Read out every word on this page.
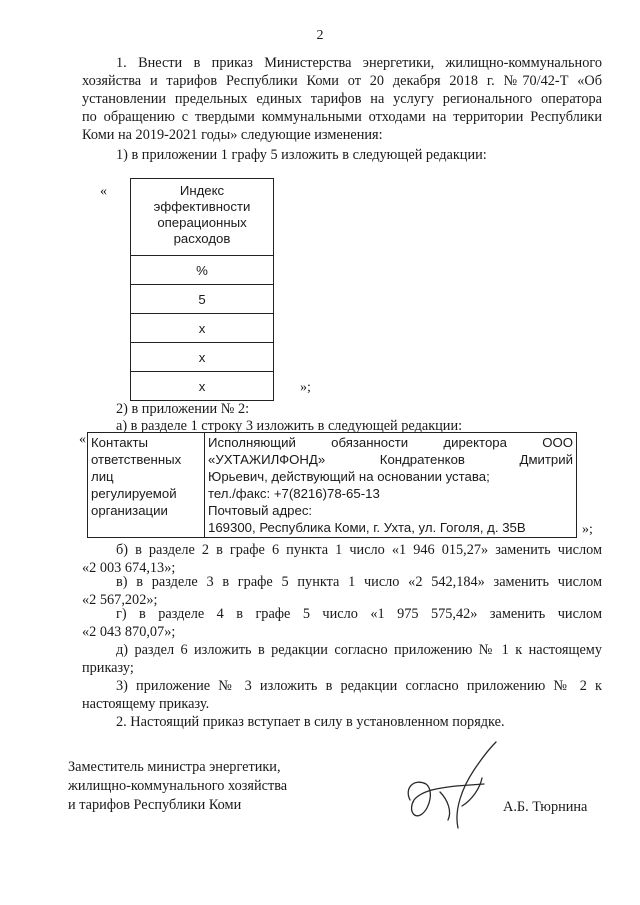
2

1. Внести в приказ Министерства энергетики, жилищно-коммунального

хозяйства и тарифов Республики Коми от 20 декабря 2018 г. №70/42-Т «Об

установлении предельных единых тарифов на услугу регионального оператора

по обращению с твердыми коммунальными отходами на территории Республики

Коми на 2019-2021 годы» следующие изменения:

1) в приложении 1 графу 5 изложить в следующей редакции:

«	Индекс
эффективности
операционных
расходов

%
5
х
х
х	»;

2) в приложении № 2:

а) в разделе 1 строку 3 изложить в следующей редакции:

« Контакты
ответственных
лиц
регулируемой
организации

Исполняющий обязанности директора ООО
«УХТАЖИЛФОНД» Кондратенков Дмитрий
Юрьевич, действующий на основании устава;
тел./факс: +7(8216)78-65-13
Почтовый адрес:
169300, Республика Коми, г. Ухта, ул. Гоголя, д. 35В	»;

б) в разделе 2 в графе 6 пункта 1 число «1 946 015,27» заменить числом

«2 003 674,13»;

в) в разделе 3 в графе 5 пункта 1 число «2 542,184» заменить числом

«2 567,202»;

г) в разделе 4 в графе 5 число «1 975 575,42» заменить числом

«2 043 870,07»;

д) раздел 6 изложить в редакции согласно приложению № 1 к настоящему

приказу;

3) приложение № 3 изложить в редакции согласно приложению № 2 к

настоящему приказу.

2. Настоящий приказ вступает в силу в установленном порядке.

Заместитель министра энергетики,
жилищно-коммунального хозяйства
и тарифов Республики Коми	А.Б. Тюрнина
